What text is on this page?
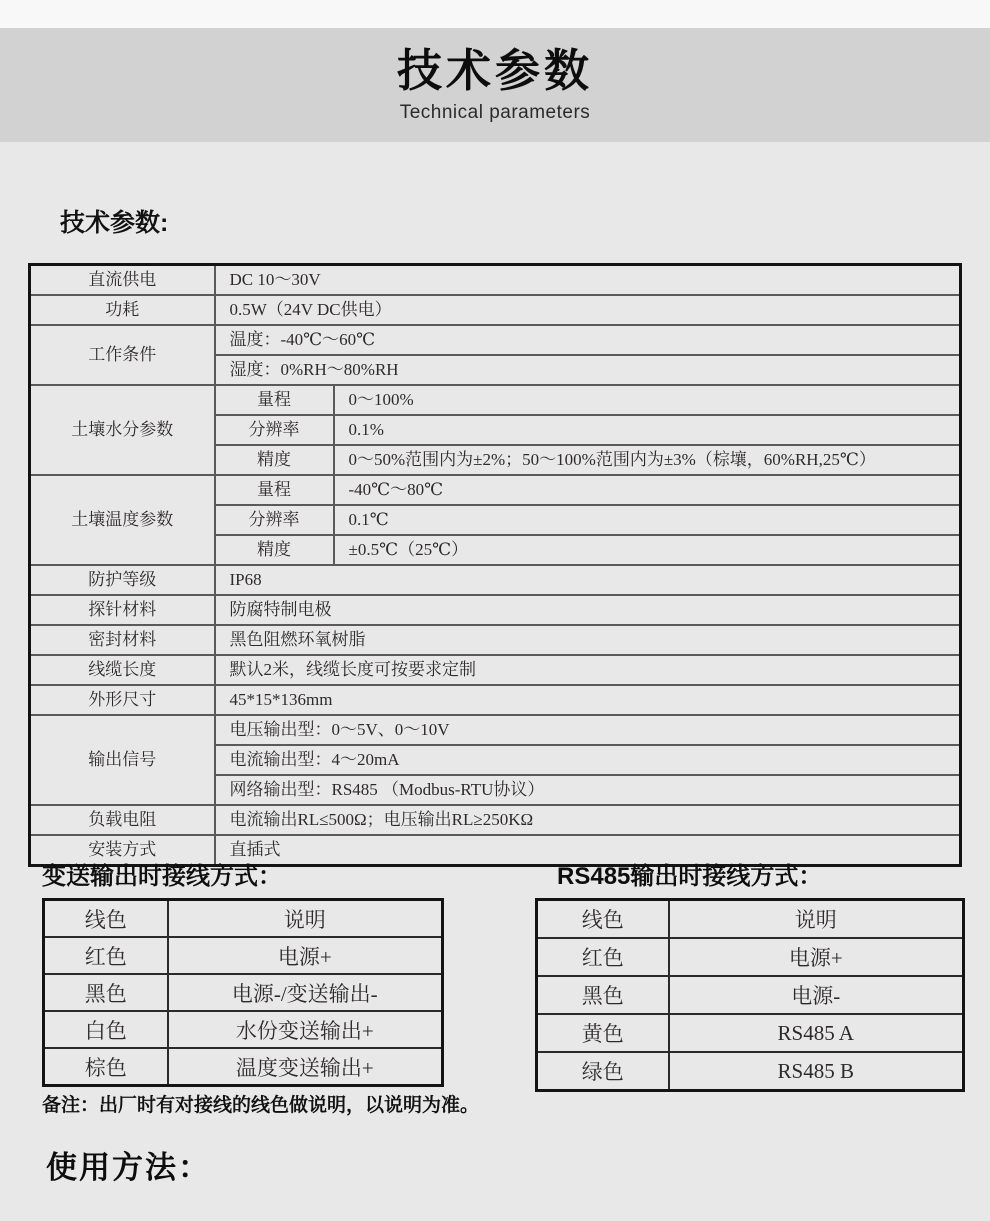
技术参数
Technical parameters
技术参数:
直流供电	DC 10～30V	
功耗	0.5W（24V DC供电）	
工作条件	温度：-40℃～60℃	
	湿度：0%RH～80%RH	
土壤水分参数	量程	0～100%
	分辨率	0.1%
	精度	0～50%范围内为±2%；50～100%范围内为±3%（棕壤，60%RH,25℃）
土壤温度参数	量程	-40℃～80℃
	分辨率	0.1℃
	精度	±0.5℃（25℃）
防护等级	IP68	
探针材料	防腐特制电极	
密封材料	黑色阻燃环氧树脂	
线缆长度	默认2米，线缆长度可按要求定制	
外形尺寸	45*15*136mm	
输出信号	电压输出型：0～5V、0～10V	
	电流输出型：4～20mA	
	网络输出型：RS485 （Modbus-RTU协议）	
负载电阻	电流输出RL≤500Ω；电压输出RL≥250KΩ	
安装方式	直插式	
变送输出时接线方式：	RS485输出时接线方式：
线色	说明
红色	电源+
黑色	电源-/变送输出-
白色	水份变送输出+
棕色	温度变送输出+
线色	说明
红色	电源+
黑色	电源-
黄色	RS485 A
绿色	RS485 B
备注：出厂时有对接线的线色做说明，以说明为准。
使用方法：
